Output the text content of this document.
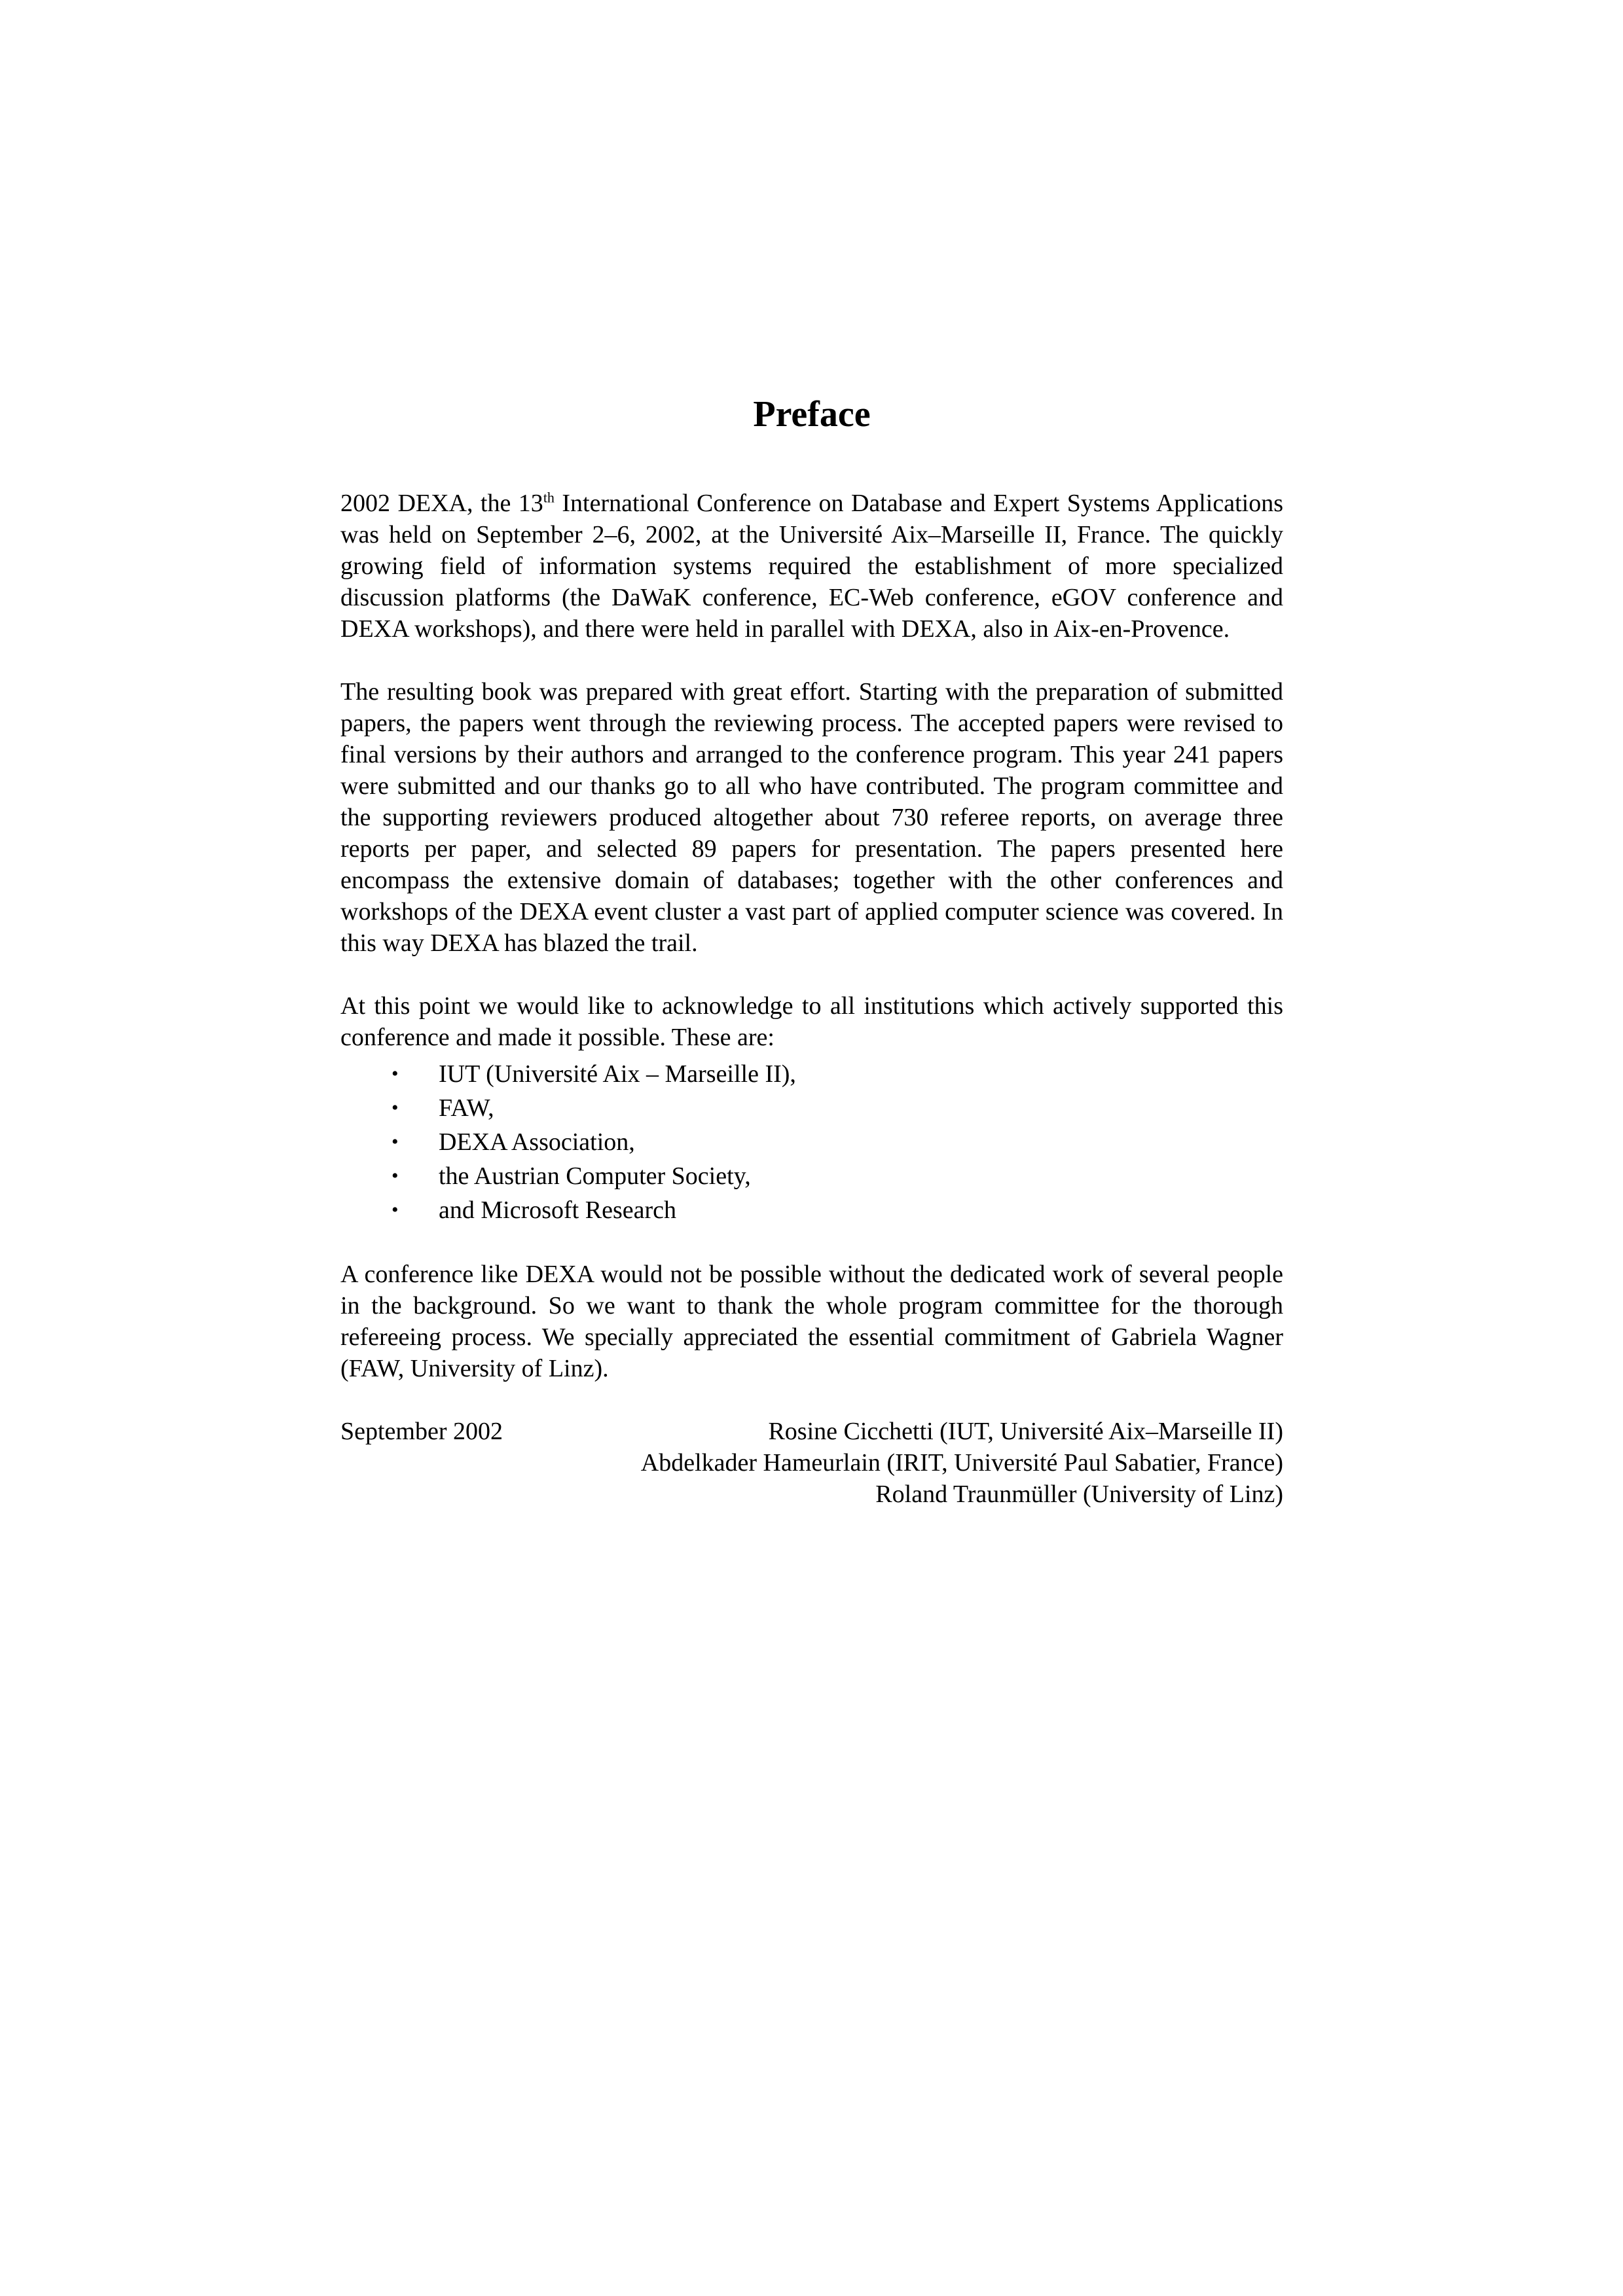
Preface

2002 DEXA, the 13th International Conference on Database and Expert Systems Applications was held on September 2–6, 2002, at the Université Aix–Marseille II, France. The quickly growing field of information systems required the establishment of more specialized discussion platforms (the DaWaK conference, EC-Web conference, eGOV conference and DEXA workshops), and there were held in parallel with DEXA, also in Aix-en-Provence.

The resulting book was prepared with great effort. Starting with the preparation of submitted papers, the papers went through the reviewing process. The accepted papers were revised to final versions by their authors and arranged to the conference program. This year 241 papers were submitted and our thanks go to all who have contributed. The program committee and the supporting reviewers produced altogether about 730 referee reports, on average three reports per paper, and selected 89 papers for presentation. The papers presented here encompass the extensive domain of databases; together with the other conferences and workshops of the DEXA event cluster a vast part of applied computer science was covered. In this way DEXA has blazed the trail.

At this point we would like to acknowledge to all institutions which actively supported this conference and made it possible. These are:

• IUT (Université Aix – Marseille II),
• FAW,
• DEXA Association,
• the Austrian Computer Society,
• and Microsoft Research

A conference like DEXA would not be possible without the dedicated work of several people in the background. So we want to thank the whole program committee for the thorough refereeing process. We specially appreciated the essential commitment of Gabriela Wagner (FAW, University of Linz).

September 2002	Rosine Cicchetti (IUT, Université Aix–Marseille II)
Abdelkader Hameurlain (IRIT, Université Paul Sabatier, France)
Roland Traunmüller (University of Linz)
